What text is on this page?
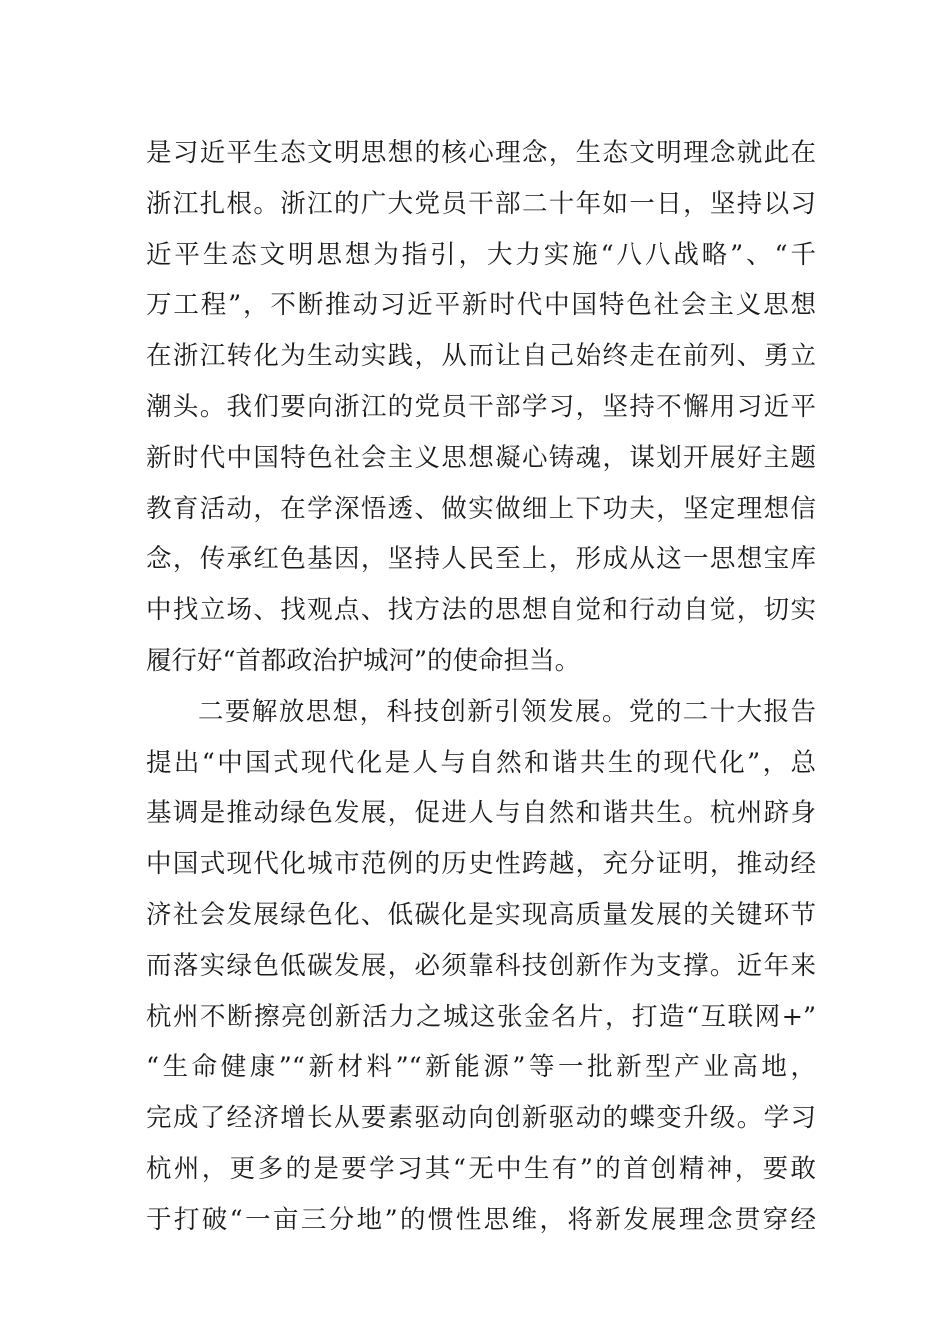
是习近平生态文明思想的核心理念，生态文明理念就此在
浙江扎根。浙江的广大党员干部二十年如一日，坚持以习
近平生态文明思想为指引，大力实施“八八战略”、“千
万工程”，不断推动习近平新时代中国特色社会主义思想
在浙江转化为生动实践，从而让自己始终走在前列、勇立
潮头。我们要向浙江的党员干部学习，坚持不懈用习近平
新时代中国特色社会主义思想凝心铸魂，谋划开展好主题
教育活动，在学深悟透、做实做细上下功夫，坚定理想信
念，传承红色基因，坚持人民至上，形成从这一思想宝库
中找立场、找观点、找方法的思想自觉和行动自觉，切实
履行好“首都政治护城河”的使命担当。
二要解放思想，科技创新引领发展。党的二十大报告
提出“中国式现代化是人与自然和谐共生的现代化”，总
基调是推动绿色发展，促进人与自然和谐共生。杭州跻身
中国式现代化城市范例的历史性跨越，充分证明，推动经
济社会发展绿色化、低碳化是实现高质量发展的关键环节
而落实绿色低碳发展，必须靠科技创新作为支撑。近年来
杭州不断擦亮创新活力之城这张金名片，打造“互联网+”
“生命健康”“新材料”“新能源”等一批新型产业高地，
完成了经济增长从要素驱动向创新驱动的蝶变升级。学习
杭州，更多的是要学习其“无中生有”的首创精神，要敢
于打破“一亩三分地”的惯性思维，将新发展理念贯穿经
